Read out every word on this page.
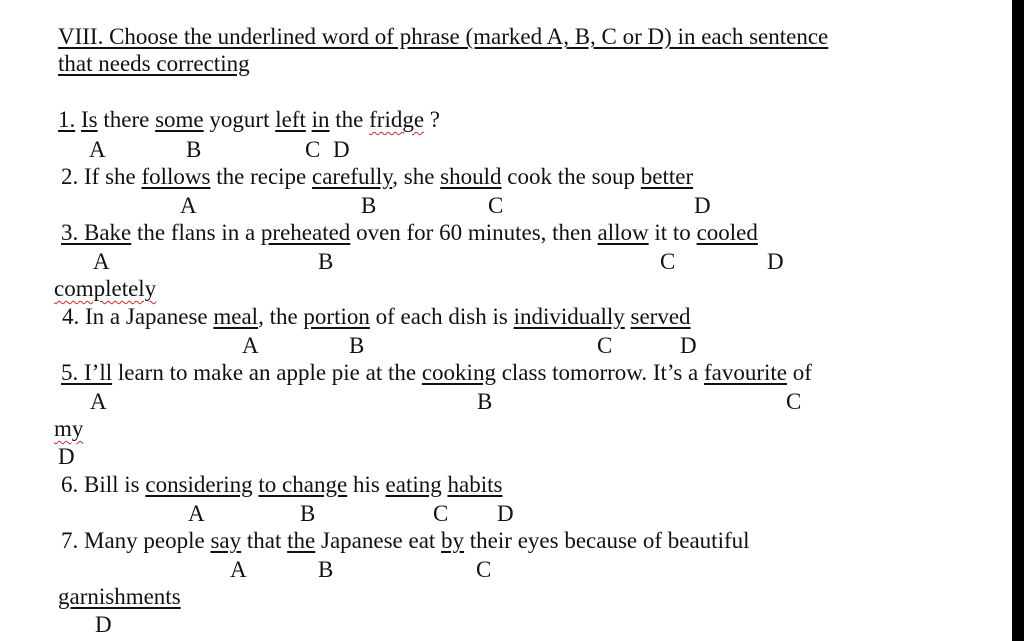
VIII. Choose the underlined word of phrase (marked A, B, C or D) in each sentence
that needs correcting
1. Is there some yogurt left in the fridge ?
A	B	C D
2. If she follows the recipe carefully, she should cook the soup better
A	B	C	D
3. Bake the flans in a preheated oven for 60 minutes, then allow it to cooled
A	B	C	D
completely
4. In a Japanese meal, the portion of each dish is individually served
A	B	C	D
5. I’ll learn to make an apple pie at the cooking class tomorrow. It’s a favourite of
A	B	C
my
D
6. Bill is considering to change his eating habits
A	B	C D
7. Many people say that the Japanese eat by their eyes because of beautiful
A	B	C
garnishments
D
